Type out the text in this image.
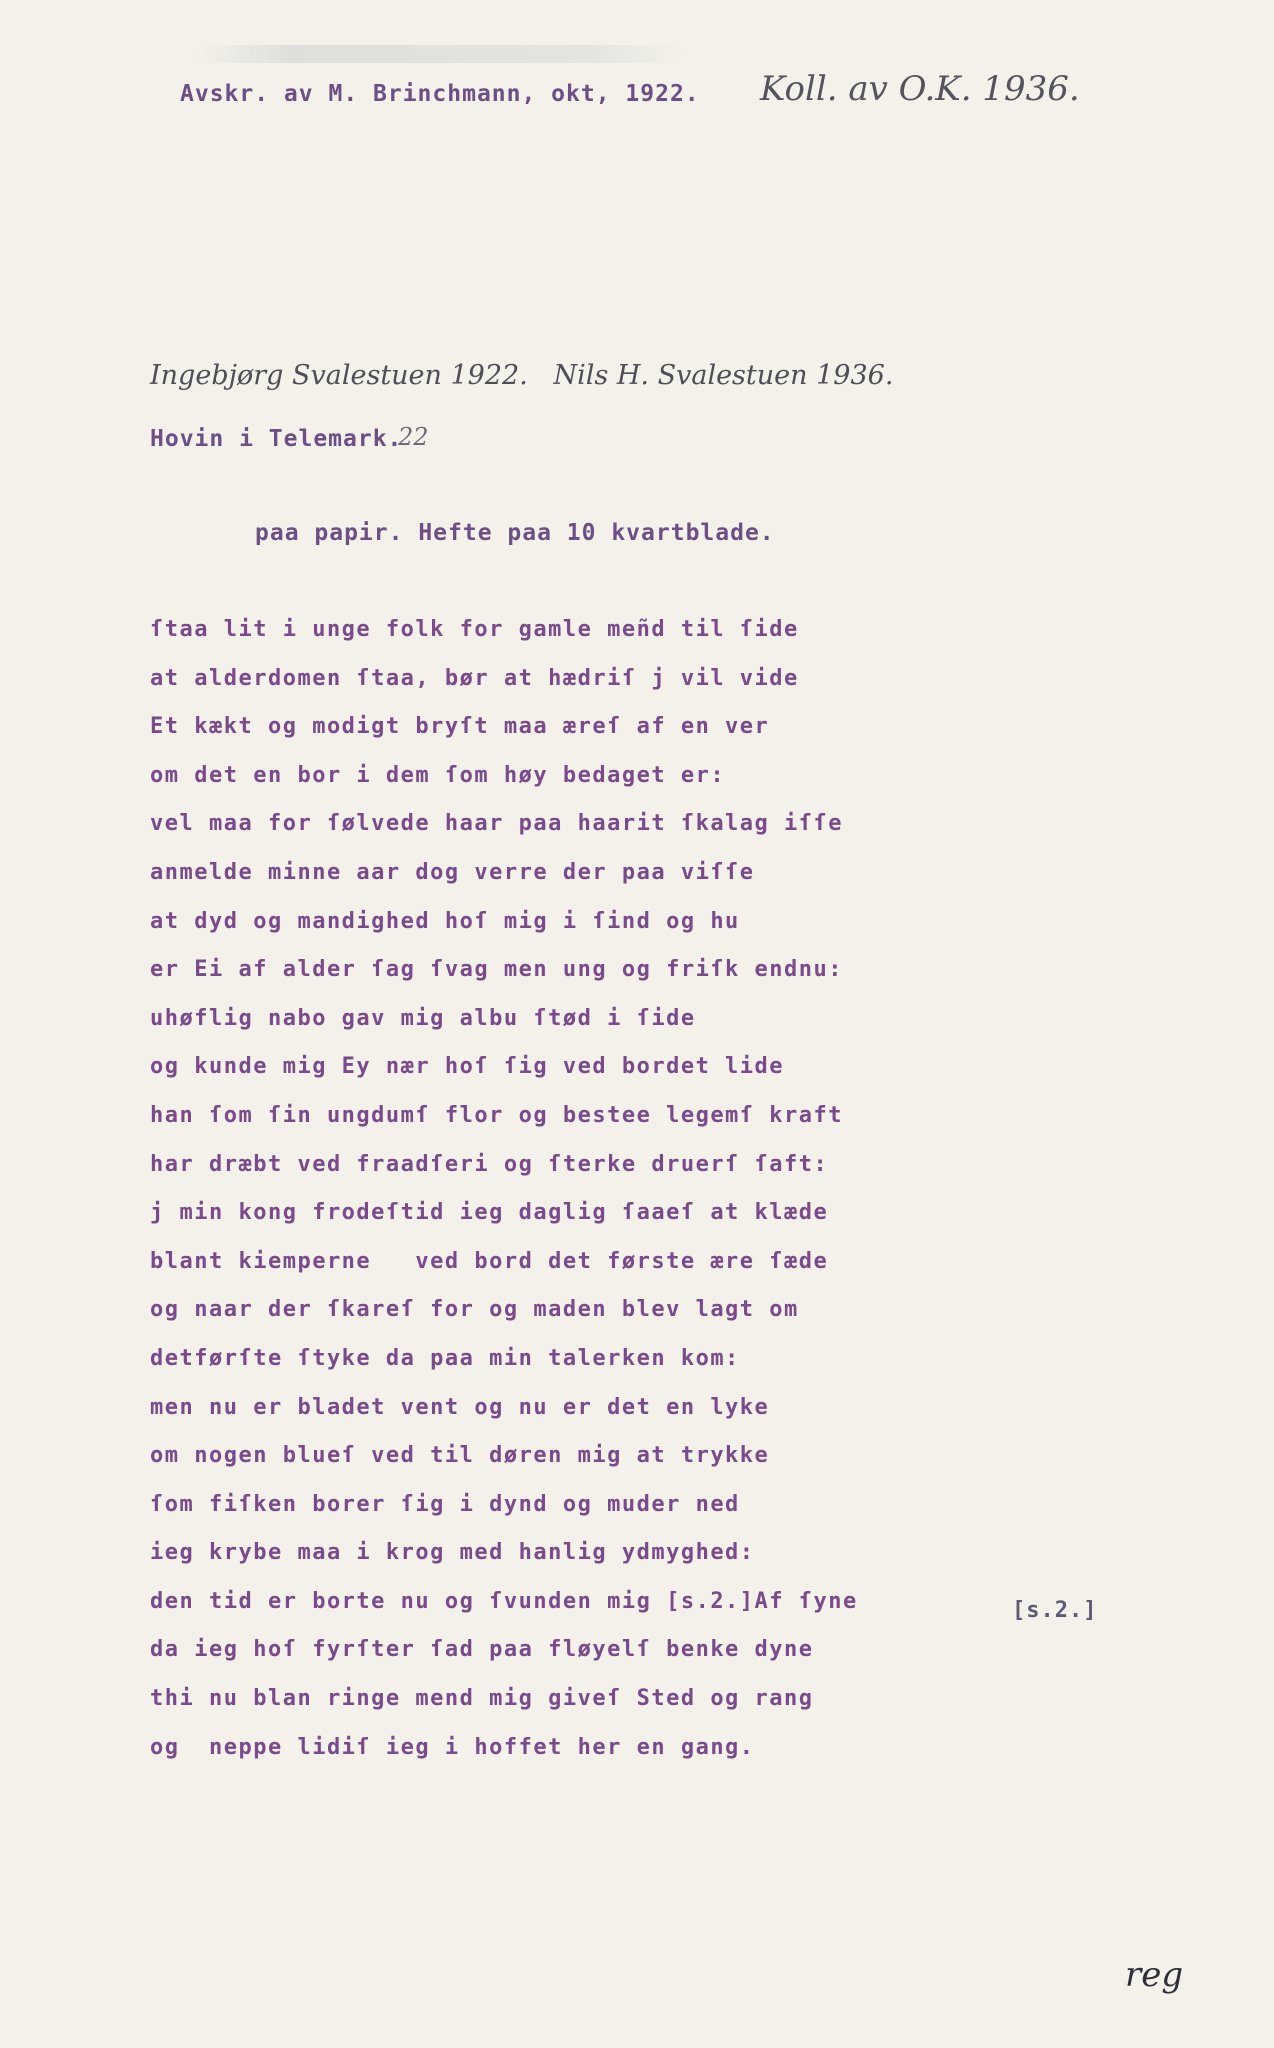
Avskr. av M. Brinchmann, okt, 1922. Koll. av O.K. 1936.
Ingebjørg Svalestuen 1922.   Nils H. Svalestuen 1936.
Hovin i Telemark.
22
paa papir. Hefte paa 10 kvartblade.
ſtaa lit i unge folk for gamle meñd til ſide
at alderdomen ſtaa, bør at hædriſ j vil vide
Et kækt og modigt bryſt maa æreſ af en ver
om det en bor i dem ſom høy bedaget er:
vel maa for ſølvede haar paa haarit ſkalag iſſe
anmelde minne aar dog verre der paa viſſe
at dyd og mandighed hoſ mig i ſind og hu
er Ei af alder ſag ſvag men ung og friſk endnu:
uhøflig nabo gav mig albu ſtød i ſide
og kunde mig Ey nær hoſ ſig ved bordet lide
han ſom ſin ungdumſ flor og bestee legemſ kraft
har dræbt ved fraadſeri og ſterke druerſ ſaft:
j min kong frodeſtid ieg daglig ſaaeſ at klæde
blant kiemperne   ved bord det første ære ſæde
og naar der ſkareſ for og maden blev lagt om
detførſte ſtyke da paa min talerken kom:
men nu er bladet vent og nu er det en lyke
om nogen blueſ ved til døren mig at trykke
ſom fiſken borer ſig i dynd og muder ned
ieg krybe maa i krog med hanlig ydmyghed:
den tid er borte nu og ſvunden mig [s.2.]Af ſyne
da ieg hoſ fyrſter ſad paa fløyelſ benke dyne
thi nu blan ringe mend mig giveſ Sted og rang
og  neppe lidiſ ieg i hoffet her en gang.
[s.2.]
reg
